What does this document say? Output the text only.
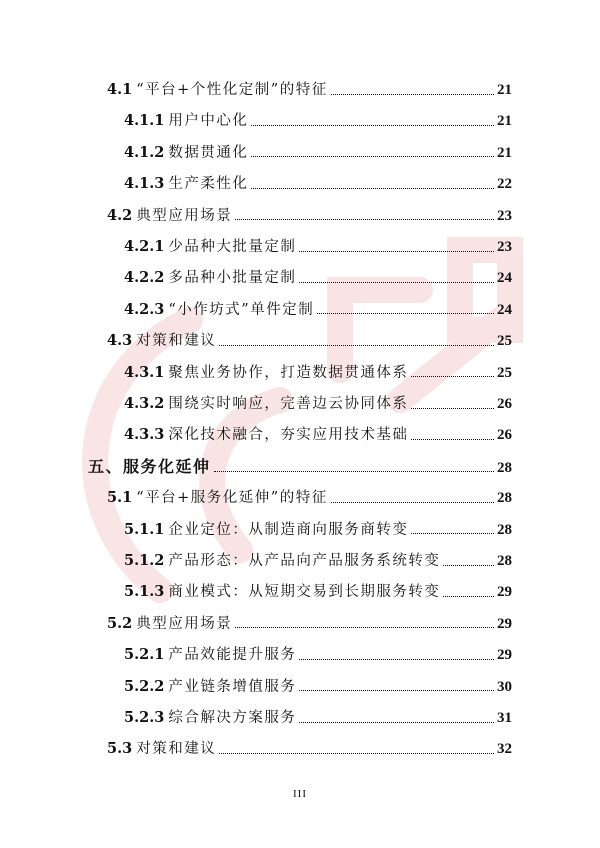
4.1 “平台+个性化定制”的特征	21
4.1.1 用户中心化	21
4.1.2 数据贯通化	21
4.1.3 生产柔性化	22
4.2 典型应用场景	23
4.2.1 少品种大批量定制	23
4.2.2 多品种小批量定制	24
4.2.3 “小作坊式”单件定制	24
4.3 对策和建议	25
4.3.1 聚焦业务协作，打造数据贯通体系	25
4.3.2 围绕实时响应，完善边云协同体系	26
4.3.3 深化技术融合，夯实应用技术基础	26
五、服务化延伸	28
5.1 “平台+服务化延伸”的特征	28
5.1.1 企业定位：从制造商向服务商转变	28
5.1.2 产品形态：从产品向产品服务系统转变	28
5.1.3 商业模式：从短期交易到长期服务转变	29
5.2 典型应用场景	29
5.2.1 产品效能提升服务	29
5.2.2 产业链条增值服务	30
5.2.3 综合解决方案服务	31
5.3 对策和建议	32
III
